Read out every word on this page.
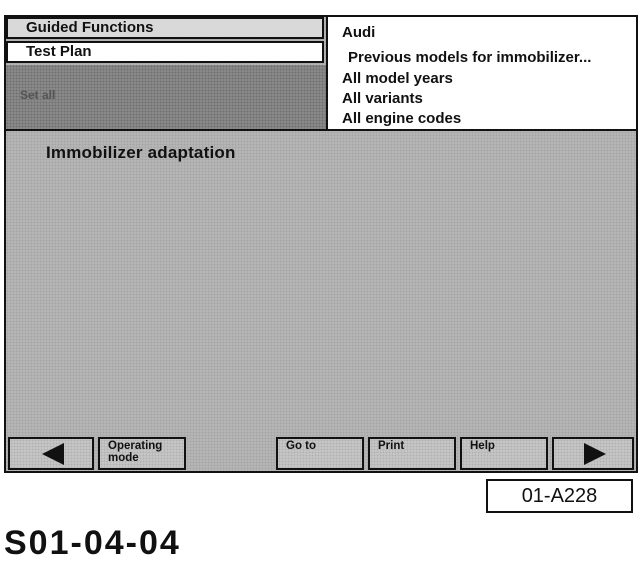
Guided Functions
Test Plan
Set all
Audi
Previous models for immobilizer...
All model years
All variants
All engine codes
Immobilizer adaptation
Operating
mode
Go to	Print	Help
01-A228
S01-04-04
